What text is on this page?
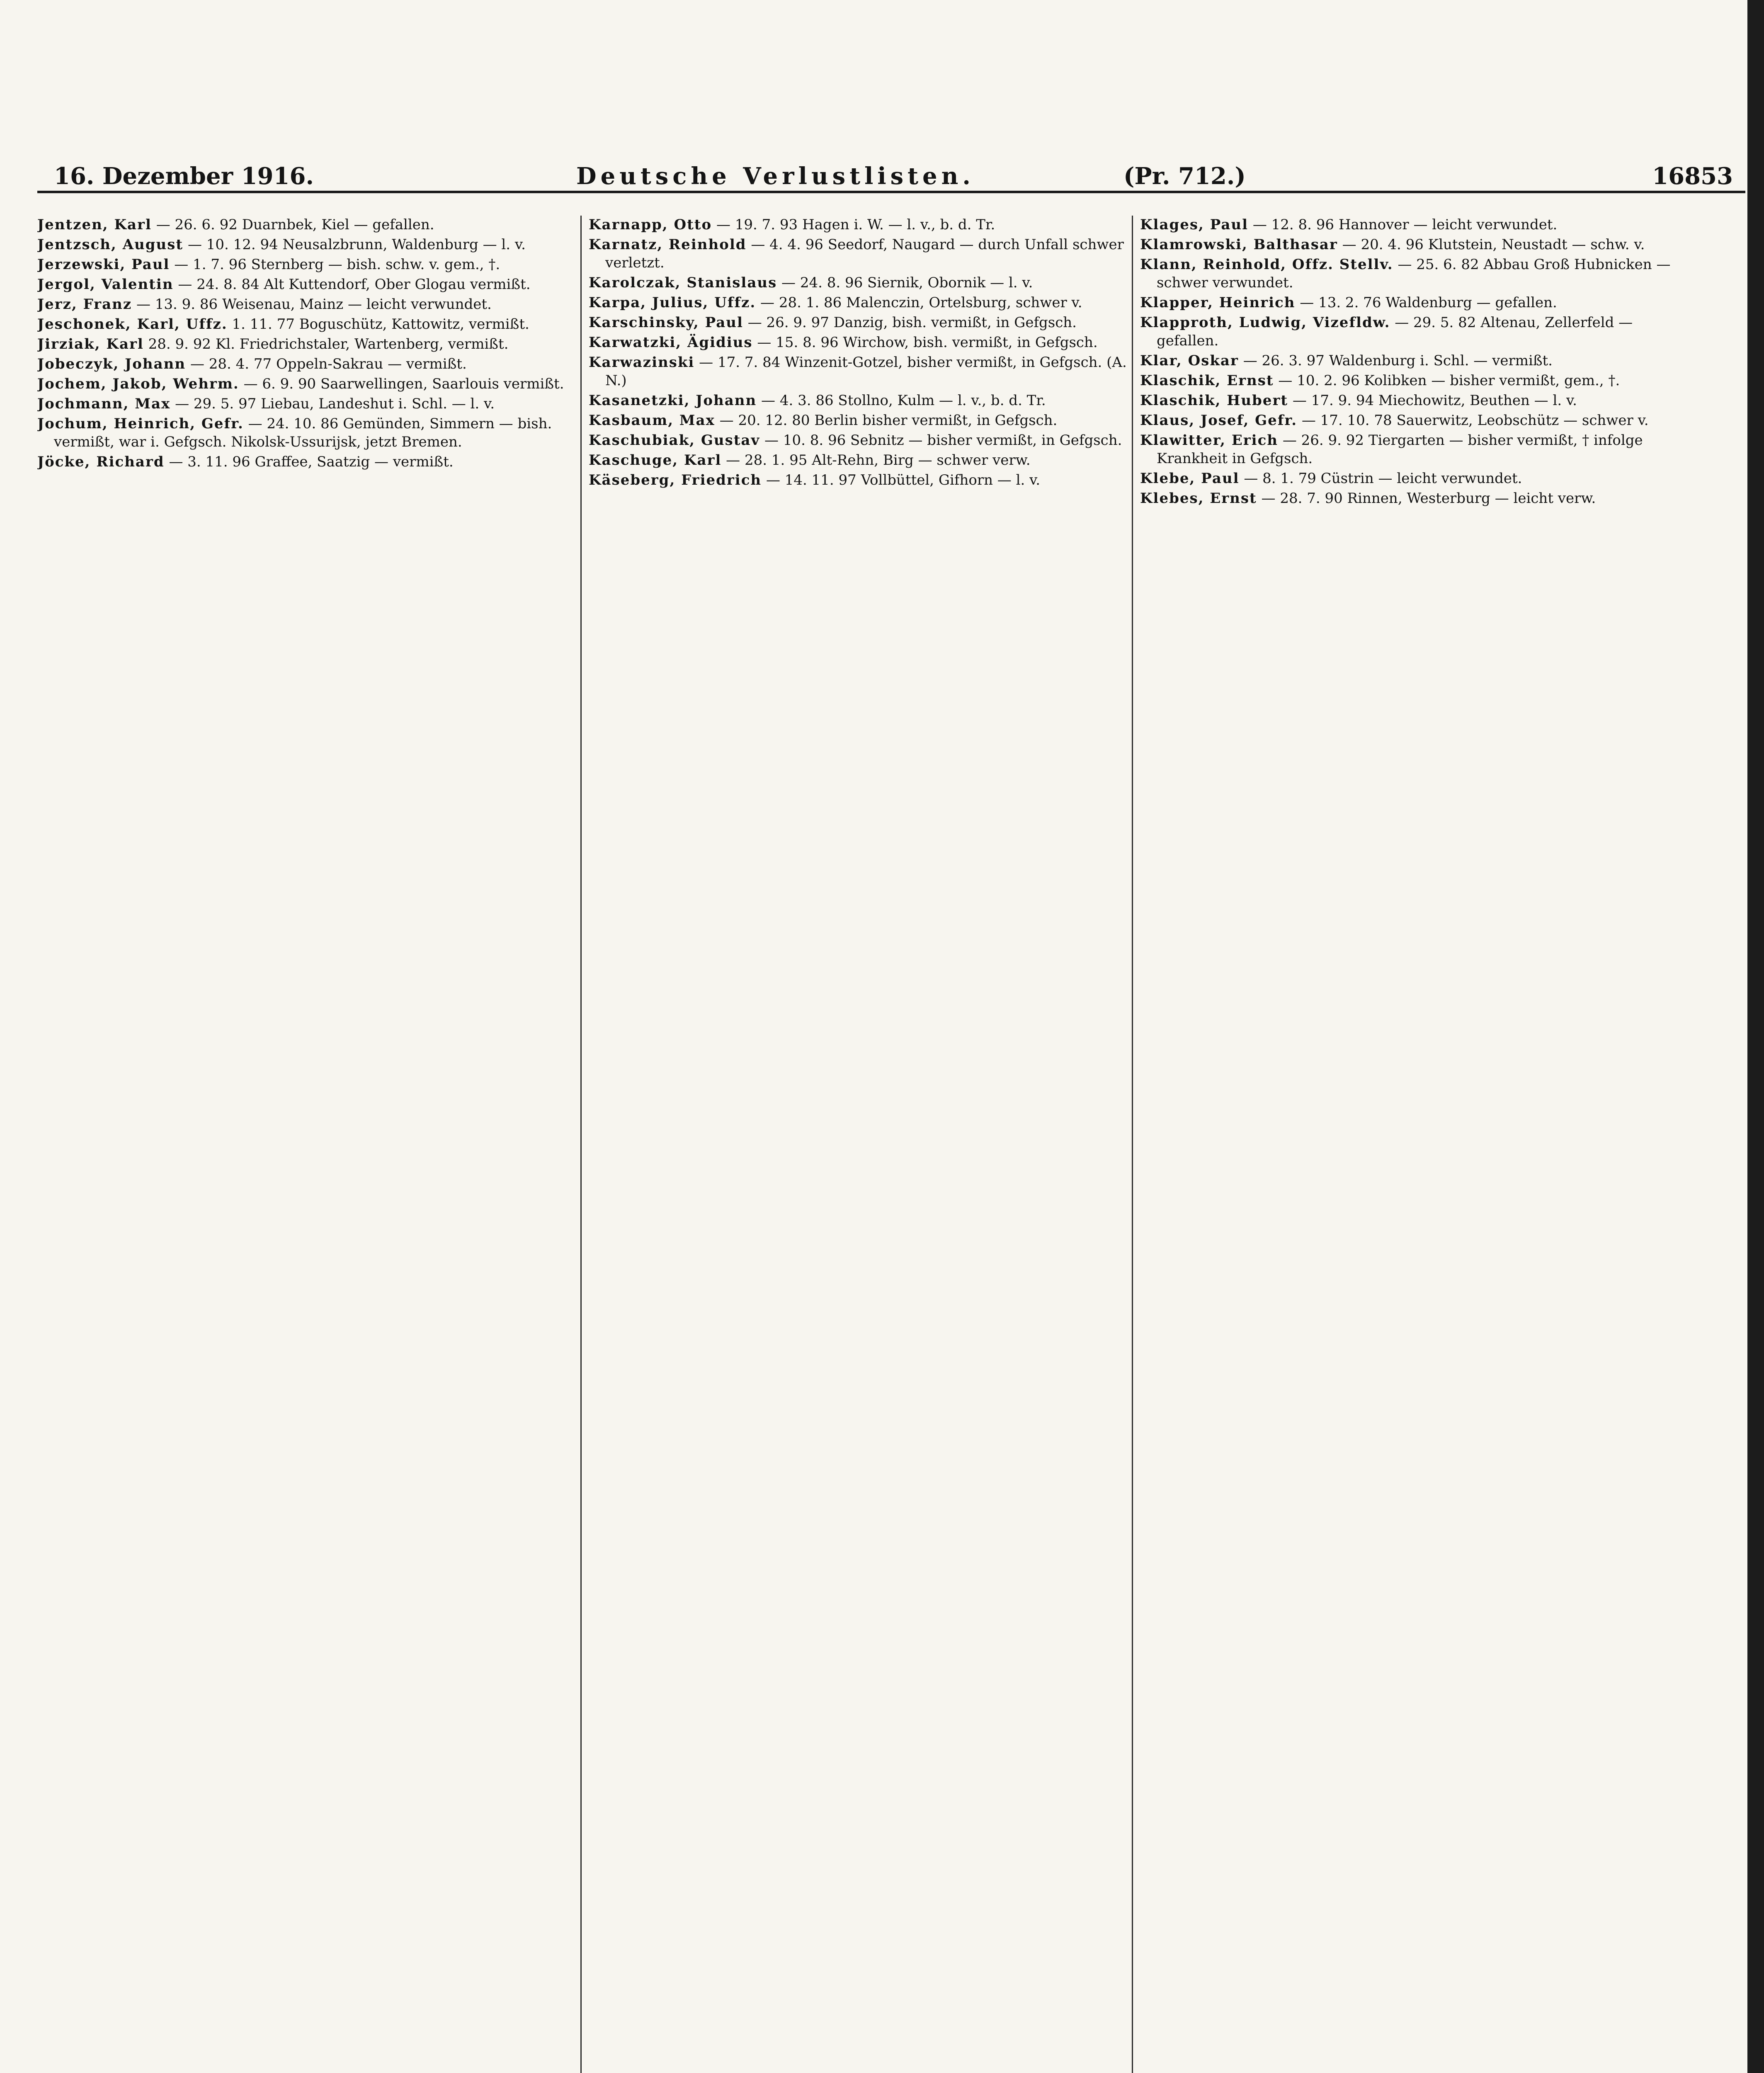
16. Dezember 1916.	Deutsche Verlustlisten.	(Pr. 712.)	16853

Jentzen, Karl — 26. 6. 92 Duarnbek, Kiel — gefallen.

Jentzsch, August — 10. 12. 94 Neusalzbrunn, Waldenburg — l. v.

Jerzewski, Paul — 1. 7. 96 Sternberg — bish. schw. v. gem., †.

Jergol, Valentin — 24. 8. 84 Alt Kuttendorf, Ober Glogau vermißt.

Jerz, Franz — 13. 9. 86 Weisenau, Mainz — leicht verwundet.

Jeschonek, Karl, Uffz. 1. 11. 77 Boguschütz, Kattowitz, vermißt.

Jirziak, Karl 28. 9. 92 Kl. Friedrichstaler, Wartenberg, vermißt.

Jobeczyk, Johann — 28. 4. 77 Oppeln-Sakrau — vermißt.

Jochem, Jakob, Wehrm. — 6. 9. 90 Saarwellingen, Saarlouis vermißt.

Jochmann, Max — 29. 5. 97 Liebau, Landeshut i. Schl. — l. v.

Jochum, Heinrich, Gefr. — 24. 10. 86 Gemünden, Simmern — bish. vermißt, war i. Gefgsch. Nikolsk-Ussurijsk, jetzt Bremen.

Jöcke, Richard — 3. 11. 96 Graffee, Saatzig — vermißt.

Karnapp, Otto — 19. 7. 93 Hagen i. W. — l. v., b. d. Tr.

Karnatz, Reinhold — 4. 4. 96 Seedorf, Naugard — durch Unfall schwer verletzt.

Karolczak, Stanislaus — 24. 8. 96 Siernik, Obornik — l. v.

Karpa, Julius, Uffz. — 28. 1. 86 Malenczin, Ortelsburg, schwer v.

Karschinsky, Paul — 26. 9. 97 Danzig, bish. vermißt, in Gefgsch.

Karwatzki, Ägidius — 15. 8. 96 Wirchow, bish. vermißt, in Gefgsch.

Karwazinski — 17. 7. 84 Winzenit-Gotzel, bisher vermißt, in Gefgsch. (A. N.)

Kasanetzki, Johann — 4. 3. 86 Stollno, Kulm — l. v., b. d. Tr.

Kasbaum, Max — 20. 12. 80 Berlin bisher vermißt, in Gefgsch.

Kaschubiak, Gustav — 10. 8. 96 Sebnitz — bisher vermißt, in Gefgsch.

Kaschuge, Karl — 28. 1. 95 Alt-Rehn, Birg — schwer verw.

Käseberg, Friedrich — 14. 11. 97 Vollbüttel, Gifhorn — l. v.

Klages, Paul — 12. 8. 96 Hannover — leicht verwundet.

Klamrowski, Balthasar — 20. 4. 96 Klutstein, Neustadt — schw. v.

Klann, Reinhold, Offz. Stellv. — 25. 6. 82 Abbau Groß Hubnicken — schwer verwundet.

Klapper, Heinrich — 13. 2. 76 Waldenburg — gefallen.

Klapproth, Ludwig, Vizefldw. — 29. 5. 82 Altenau, Zellerfeld — gefallen.

Klar, Oskar — 26. 3. 97 Waldenburg i. Schl. — vermißt.

Klaschik, Ernst — 10. 2. 96 Kolibken — bisher vermißt, gem., †.

Klaschik, Hubert — 17. 9. 94 Miechowitz, Beuthen — l. v.

Klaus, Josef, Gefr. — 17. 10. 78 Sauerwitz, Leobschütz — schwer v.

Klawitter, Erich — 26. 9. 92 Tiergarten — bisher vermißt, † infolge Krankheit in Gefgsch.

Klebe, Paul — 8. 1. 79 Cüstrin — leicht verwundet.

Klebes, Ernst — 28. 7. 90 Rinnen, Westerburg — leicht verw.
